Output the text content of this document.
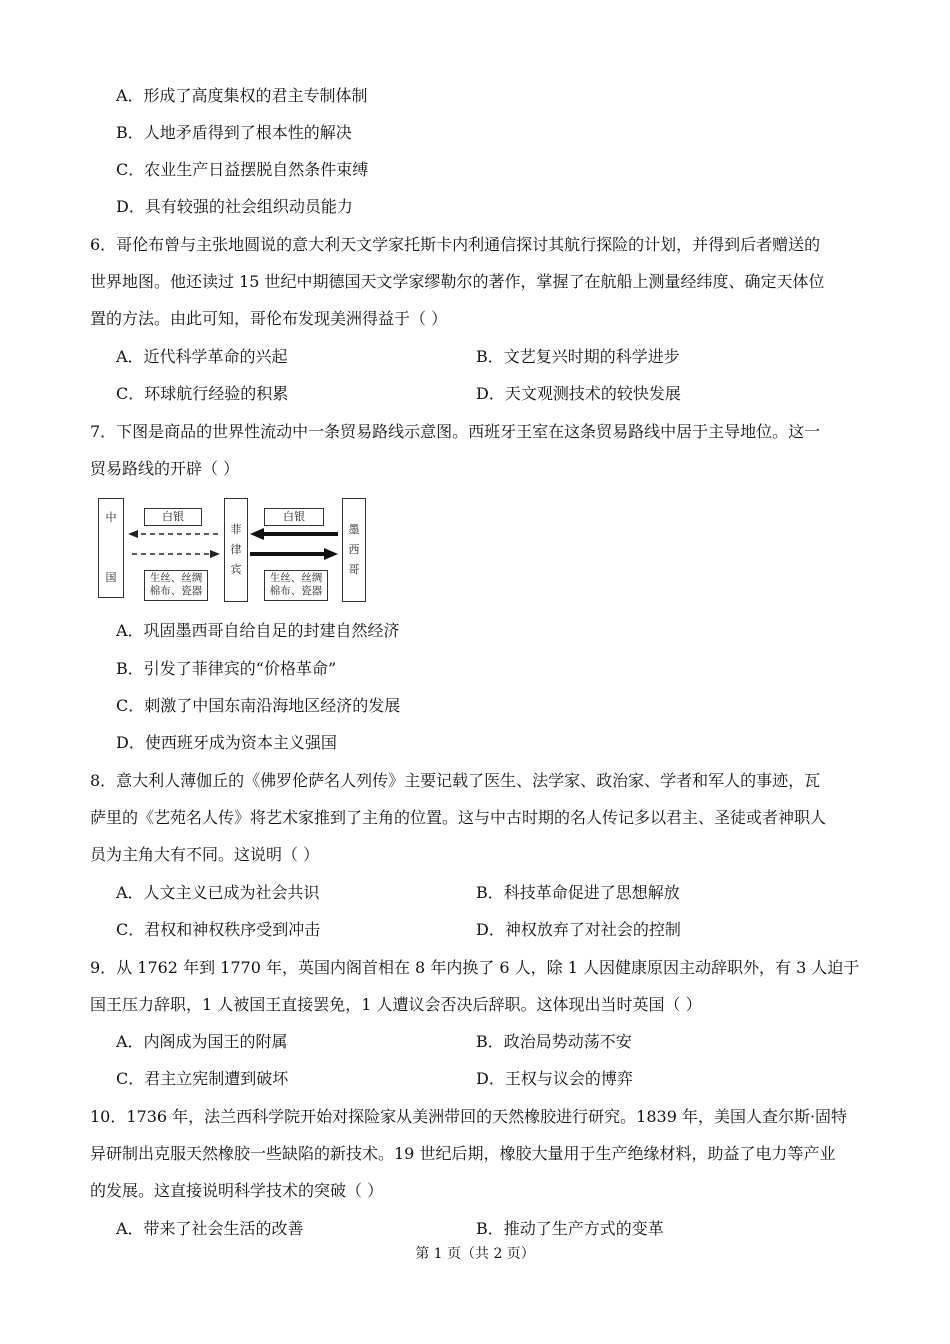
A．形成了高度集权的君主专制体制
B．人地矛盾得到了根本性的解决
C．农业生产日益摆脱自然条件束缚
D．具有较强的社会组织动员能力
6．哥伦布曾与主张地圆说的意大利天文学家托斯卡内利通信探讨其航行探险的计划，并得到后者赠送的
世界地图。他还读过 15 世纪中期德国天文学家缪勒尔的著作，掌握了在航船上测量经纬度、确定天体位
置的方法。由此可知，哥伦布发现美洲得益于（ ）
A．近代科学革命的兴起	B．文艺复兴时期的科学进步
C．环球航行经验的积累	D．天文观测技术的较快发展
7．下图是商品的世界性流动中一条贸易路线示意图。西班牙王室在这条贸易路线中居于主导地位。这一
贸易路线的开辟（ ）
中
国
菲
律
宾
墨
西
哥
白银	白银
生丝、丝绸
棉布、瓷器
生丝、丝绸
棉布、瓷器
A．巩固墨西哥自给自足的封建自然经济
B．引发了菲律宾的“价格革命”
C．刺激了中国东南沿海地区经济的发展
D．使西班牙成为资本主义强国
8．意大利人薄伽丘的《佛罗伦萨名人列传》主要记载了医生、法学家、政治家、学者和军人的事迹，瓦
萨里的《艺苑名人传》将艺术家推到了主角的位置。这与中古时期的名人传记多以君主、圣徒或者神职人
员为主角大有不同。这说明（ ）
A．人文主义已成为社会共识	B．科技革命促进了思想解放
C．君权和神权秩序受到冲击	D．神权放弃了对社会的控制
9．从 1762 年到 1770 年，英国内阁首相在 8 年内换了 6 人，除 1 人因健康原因主动辞职外，有 3 人迫于
国王压力辞职，1 人被国王直接罢免，1 人遭议会否决后辞职。这体现出当时英国（ ）
A．内阁成为国王的附属	B．政治局势动荡不安
C．君主立宪制遭到破坏	D．王权与议会的博弈
10．1736 年，法兰西科学院开始对探险家从美洲带回的天然橡胶进行研究。1839 年，美国人查尔斯·固特
异研制出克服天然橡胶一些缺陷的新技术。19 世纪后期，橡胶大量用于生产绝缘材料，助益了电力等产业
的发展。这直接说明科学技术的突破（ ）
A．带来了社会生活的改善	B．推动了生产方式的变革
第 1 页（共 2 页）
